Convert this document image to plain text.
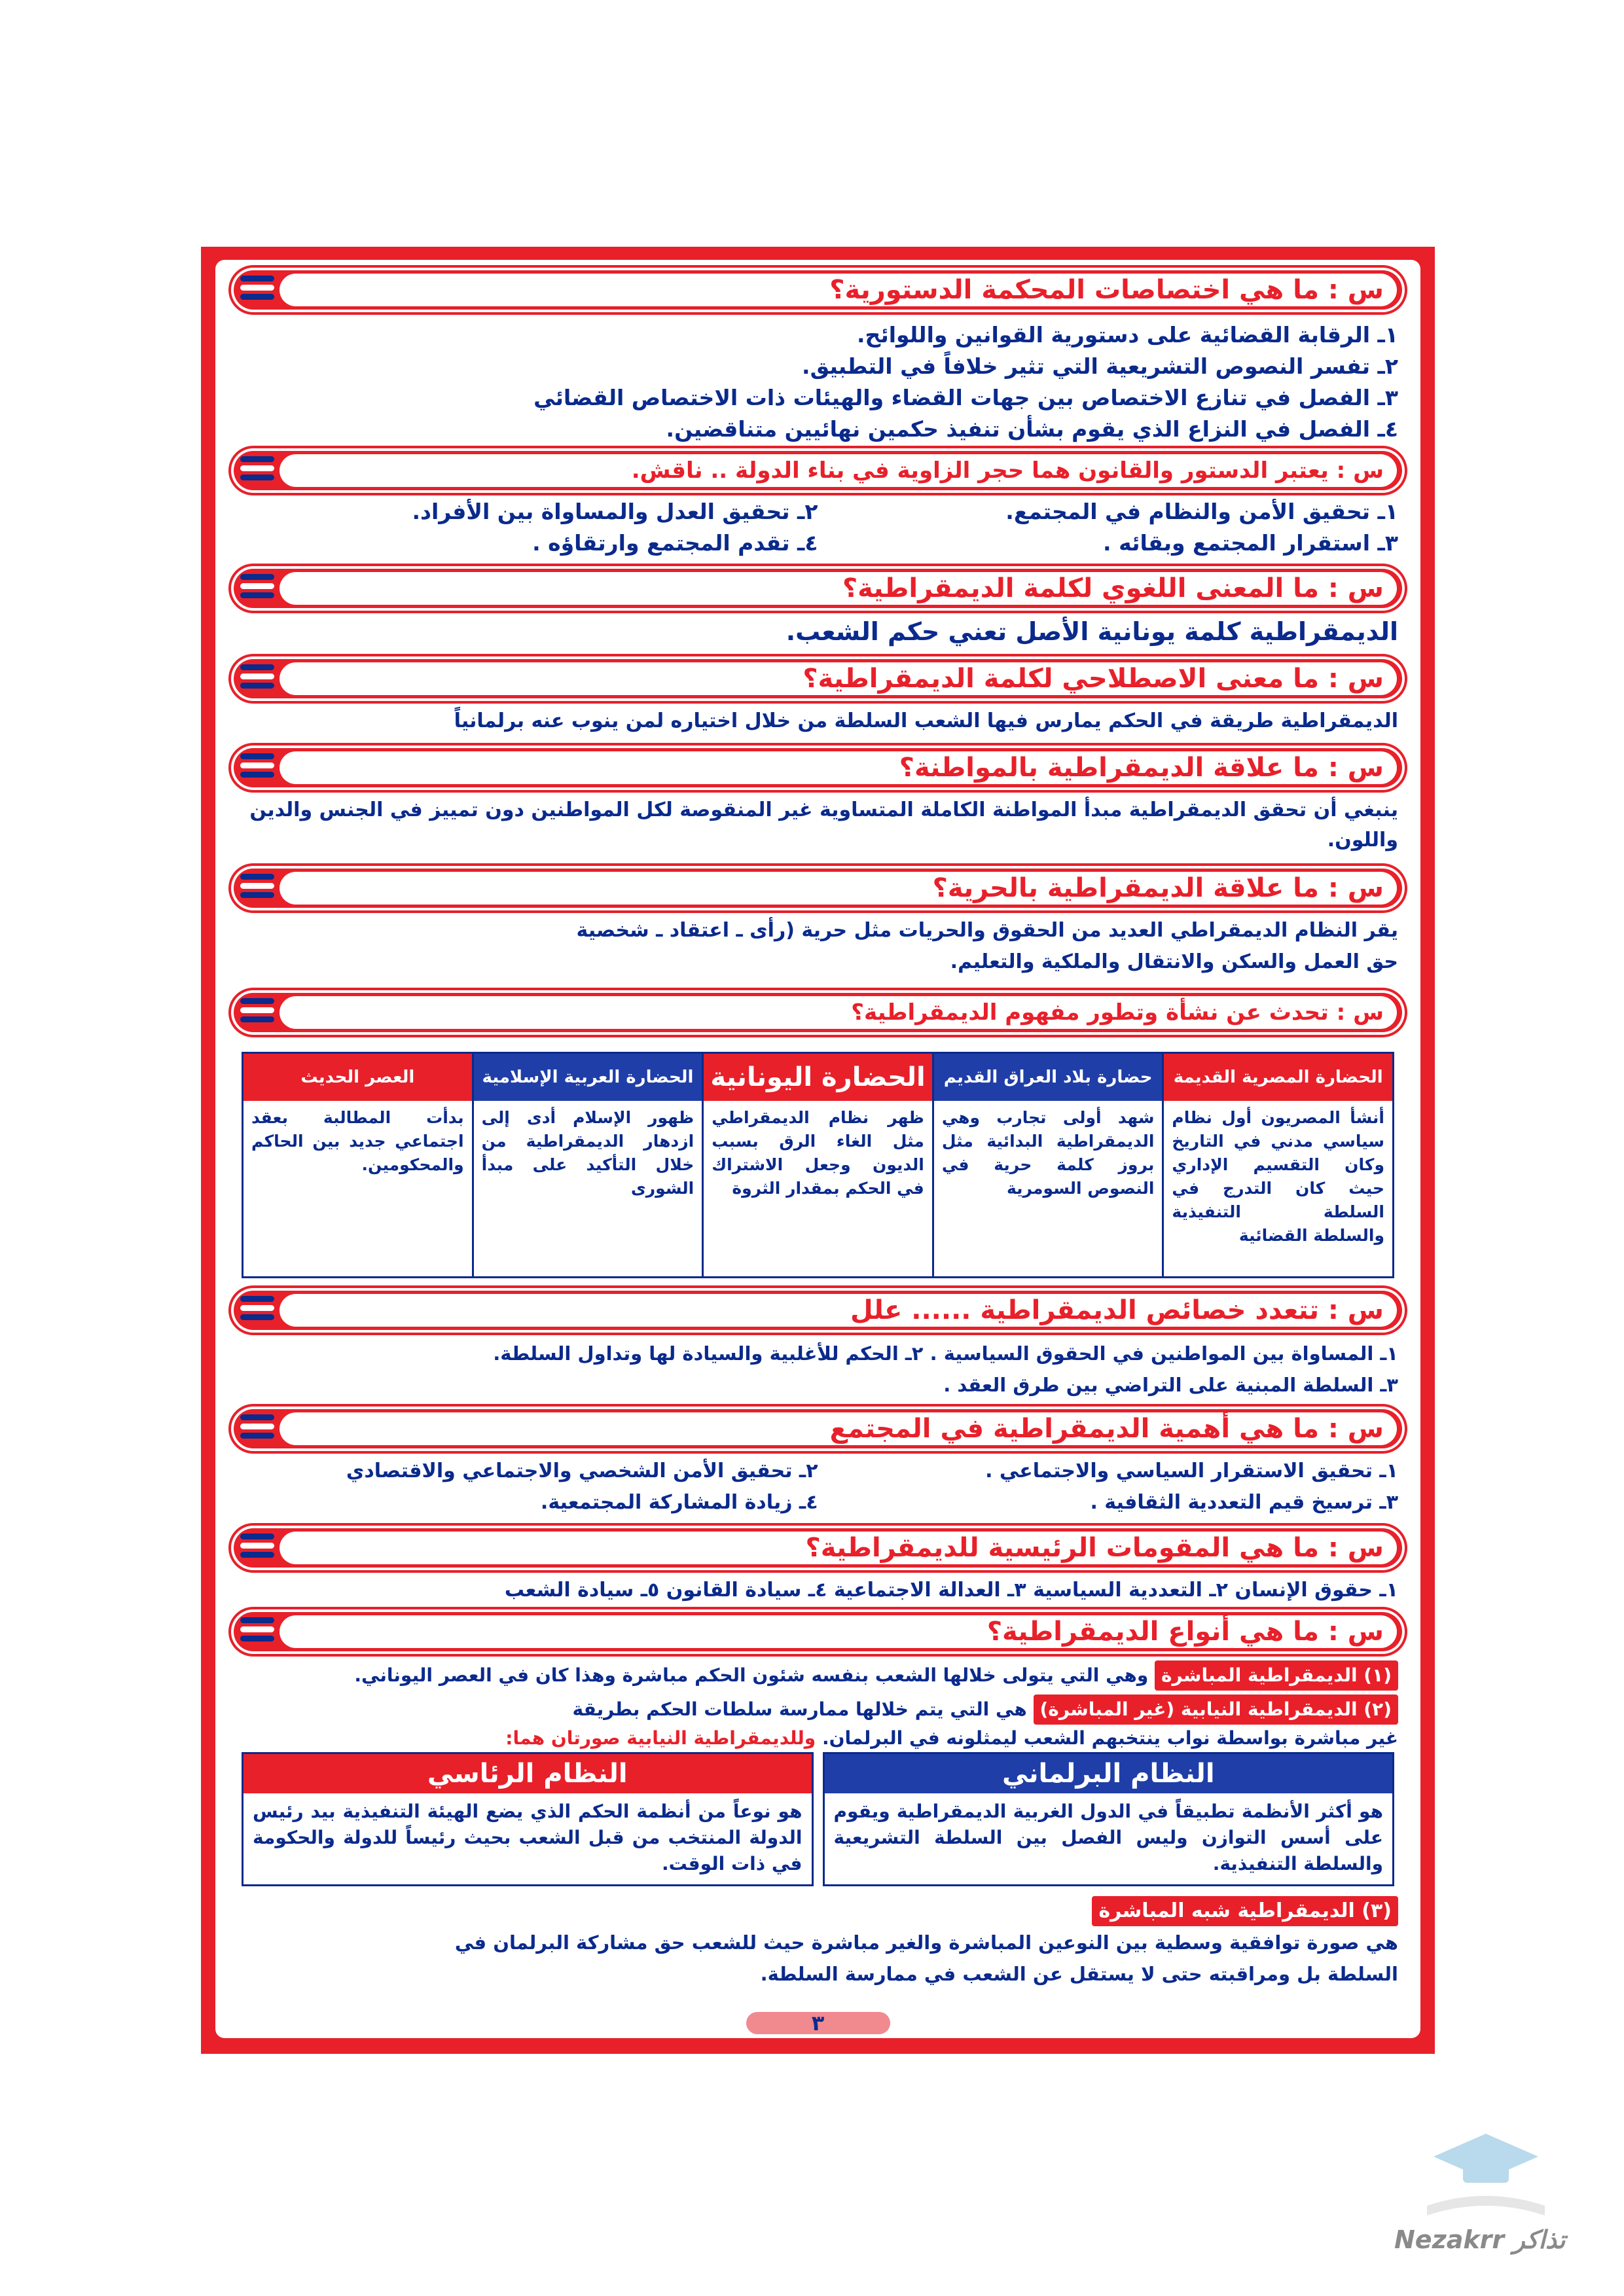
س : ما هي اختصاصات المحكمة الدستورية؟
١ـ الرقابة القضائية على دستورية القوانين واللوائح.
٢ـ تفسر النصوص التشريعية التي تثير خلافاً في التطبيق.
٣ـ الفصل في تنازع الاختصاص بين جهات القضاء والهيئات ذات الاختصاص القضائي
٤ـ الفصل في النزاع الذي يقوم بشأن تنفيذ حكمين نهائيين متناقضين.
س : يعتبر الدستور والقانون هما حجر الزاوية في بناء الدولة .. ناقش.
١ـ تحقيق الأمن والنظام في المجتمع.
٢ـ تحقيق العدل والمساواة بين الأفراد.
٣ـ استقرار المجتمع وبقائه .
٤ـ تقدم المجتمع وارتقاؤه .
س : ما المعنى اللغوي لكلمة الديمقراطية؟
الديمقراطية كلمة يونانية الأصل تعني حكم الشعب.
س : ما معنى الاصطلاحي لكلمة الديمقراطية؟
الديمقراطية طريقة في الحكم يمارس فيها الشعب السلطة من خلال اختياره لمن ينوب عنه برلمانياً
س : ما علاقة الديمقراطية بالمواطنة؟
ينبغي أن تحقق الديمقراطية مبدأ المواطنة الكاملة المتساوية غير المنقوصة لكل المواطنين دون تمييز في الجنس والدين واللون.
س : ما علاقة الديمقراطية بالحرية؟
يقر النظام الديمقراطي العديد من الحقوق والحريات مثل حرية (رأى ـ اعتقاد ـ شخصية
حق العمل والسكن والانتقال والملكية والتعليم.
س : تحدث عن نشأة وتطور مفهوم الديمقراطية؟
الحضارة المصرية القديمة
أنشأ المصريون أول نظام سياسي مدني في التاريخ وكان التقسيم الإداري حيث كان التدرج في السلطة التنفيذية والسلطة القضائية
حضارة بلاد العراق القديم
شهد أولى تجارب وهي الديمقراطية البدائية مثل بروز كلمة حرية في النصوص السومرية
الحضارة اليونانية
ظهر نظام الديمقراطي مثل الغاء الرق بسبب الديون وجعل الاشتراك في الحكم بمقدار الثروة
الحضارة العربية الإسلامية
ظهور الإسلام أدى إلى ازدهار الديمقراطية من خلال التأكيد على مبدأ الشورى
العصر الحديث
بدأت المطالبة بعقد اجتماعي جديد بين الحاكم والمحكومين.
س : تتعدد خصائص الديمقراطية ...... علل
١ـ المساواة بين المواطنين في الحقوق السياسية . ٢ـ الحكم للأغلبية والسيادة لها وتداول السلطة.
٣ـ السلطة المبنية على التراضي بين طرق العقد .
س : ما هي أهمية الديمقراطية في المجتمع
١ـ تحقيق الاستقرار السياسي والاجتماعي .
٢ـ تحقيق الأمن الشخصي والاجتماعي والاقتصادي
٣ـ ترسيخ قيم التعددية الثقافية .
٤ـ زيادة المشاركة المجتمعية.
س : ما هي المقومات الرئيسية للديمقراطية؟
١ـ حقوق الإنسان ٢ـ التعددية السياسية ٣ـ العدالة الاجتماعية ٤ـ سيادة القانون ٥ـ سيادة الشعب
س : ما هي أنواع الديمقراطية؟
(١) الديمقراطية المباشرة وهي التي يتولى خلالها الشعب بنفسه شئون الحكم مباشرة وهذا كان في العصر اليوناني.
(٢) الديمقراطية النيابية (غير المباشرة) هي التي يتم خلالها ممارسة سلطات الحكم بطريقة
غير مباشرة بواسطة نواب ينتخبهم الشعب ليمثلونه في البرلمان. وللديمقراطية النيابية صورتان هما:
النظام البرلماني
هو أكثر الأنظمة تطبيقاً في الدول الغربية الديمقراطية ويقوم على أسس التوازن وليس الفصل بين السلطة التشريعية والسلطة التنفيذية.
النظام الرئاسي
هو نوعاً من أنظمة الحكم الذي يضع الهيئة التنفيذية بيد رئيس الدولة المنتخب من قبل الشعب بحيث رئيساً للدولة والحكومة في ذات الوقت.
(٣) الديمقراطية شبه المباشرة
هي صورة توافقية وسطية بين النوعين المباشرة والغير مباشرة حيث للشعب حق مشاركة البرلمان في
السلطة بل ومراقبته حتى لا يستقل عن الشعب في ممارسة السلطة.
٣
Nezakrr تذاكر
